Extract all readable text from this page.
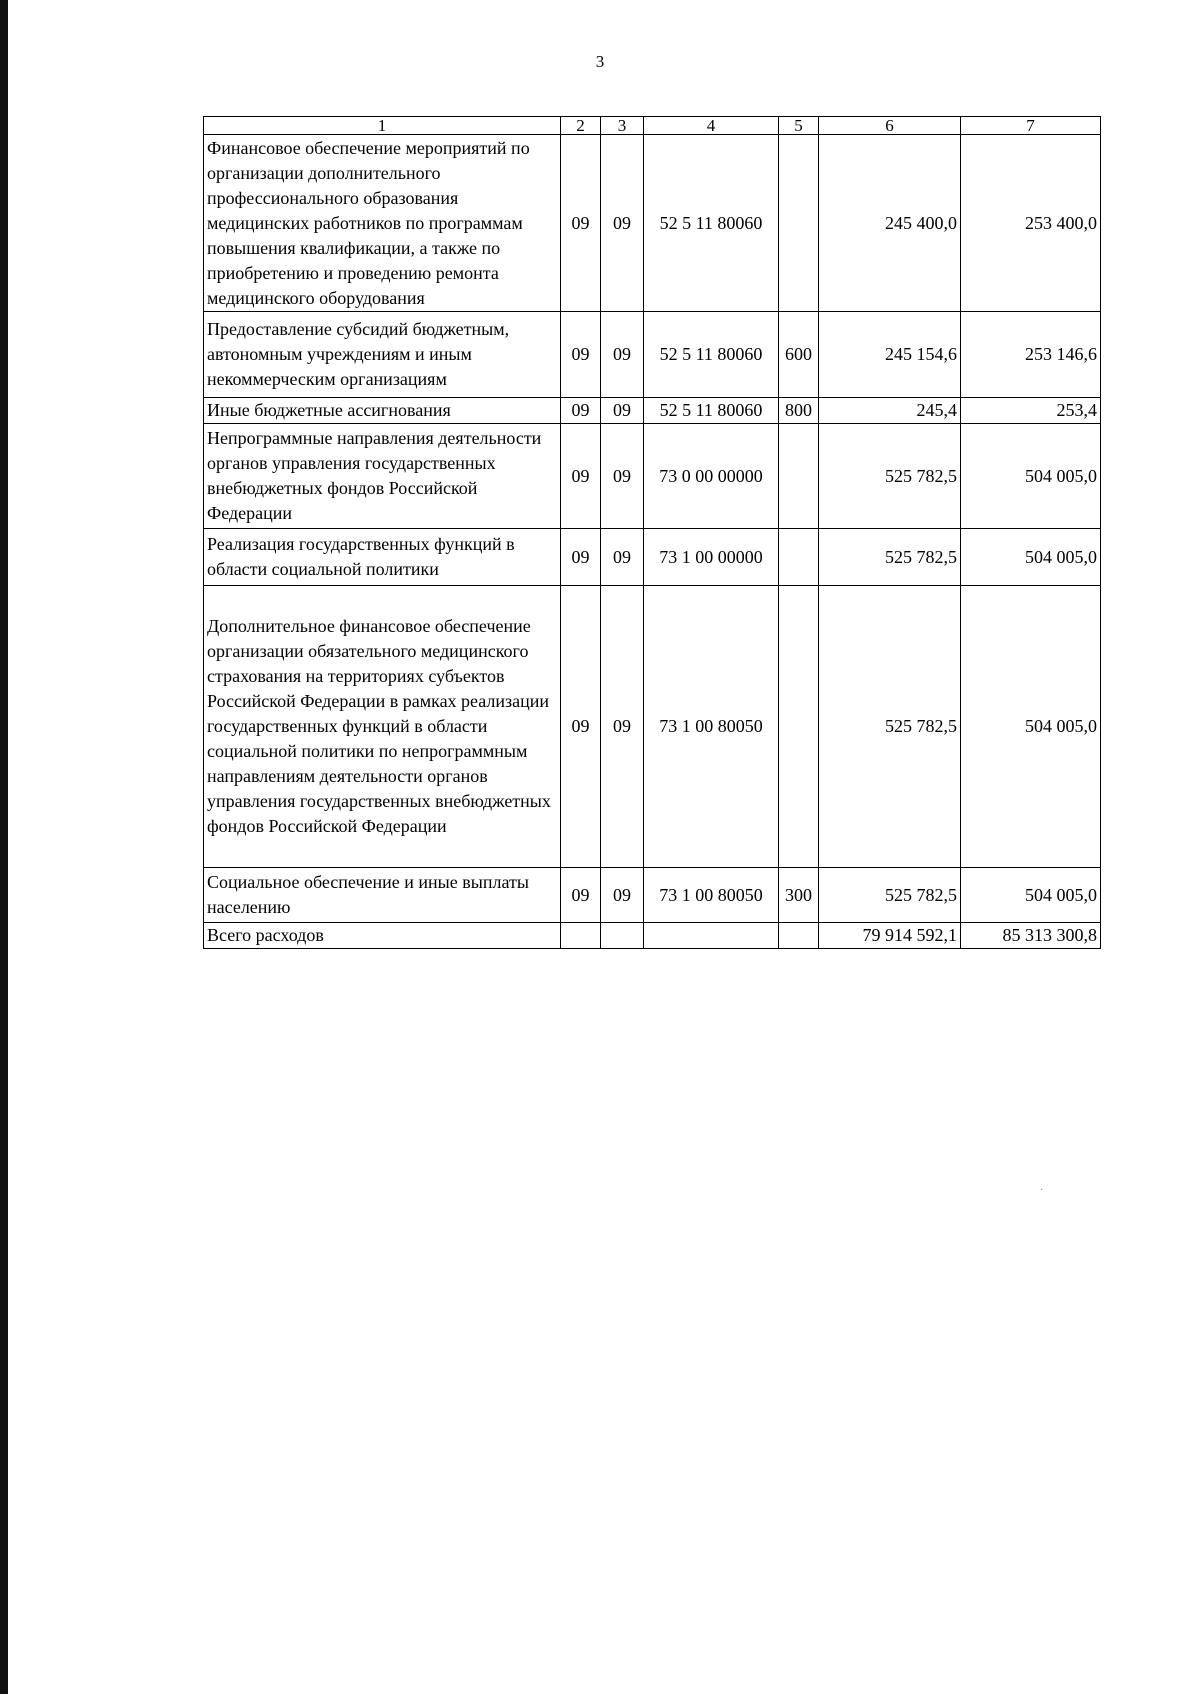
3
1	2	3	4	5	6	7
Финансовое обеспечение мероприятий по организации дополнительного профессионального образования медицинских работников по программам повышения квалификации, а также по приобретению и проведению ремонта медицинского оборудования	09	09	52 5 11 80060		245 400,0	253 400,0
Предоставление субсидий бюджетным, автономным учреждениям и иным некоммерческим организациям	09	09	52 5 11 80060	600	245 154,6	253 146,6
Иные бюджетные ассигнования	09	09	52 5 11 80060	800	245,4	253,4
Непрограммные направления деятельности органов управления государственных внебюджетных фондов Российской Федерации	09	09	73 0 00 00000		525 782,5	504 005,0
Реализация государственных функций в области социальной политики	09	09	73 1 00 00000		525 782,5	504 005,0
Дополнительное финансовое обеспечение организации обязательного медицинского страхования на территориях субъектов Российской Федерации в рамках реализации государственных функций в области социальной политики по непрограммным направлениям деятельности органов управления государственных внебюджетных фондов Российской Федерации	09	09	73 1 00 80050		525 782,5	504 005,0
Социальное обеспечение и иные выплаты населению	09	09	73 1 00 80050	300	525 782,5	504 005,0
Всего расходов					79 914 592,1	85 313 300,8
·
